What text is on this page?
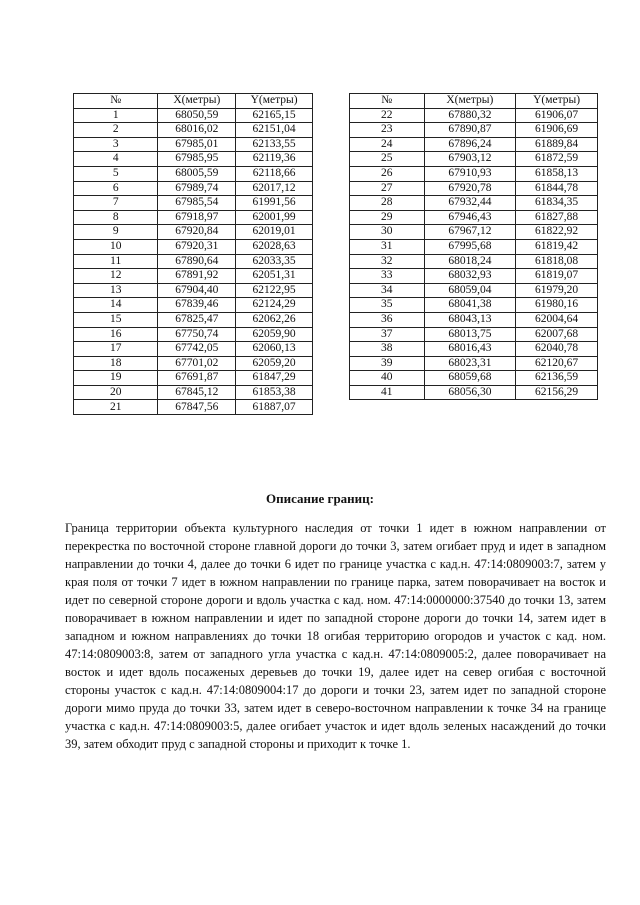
№	X(метры)	Y(метры)
1	68050,59	62165,15
2	68016,02	62151,04
3	67985,01	62133,55
4	67985,95	62119,36
5	68005,59	62118,66
6	67989,74	62017,12
7	67985,54	61991,56
8	67918,97	62001,99
9	67920,84	62019,01
10	67920,31	62028,63
11	67890,64	62033,35
12	67891,92	62051,31
13	67904,40	62122,95
14	67839,46	62124,29
15	67825,47	62062,26
16	67750,74	62059,90
17	67742,05	62060,13
18	67701,02	62059,20
19	67691,87	61847,29
20	67845,12	61853,38
21	67847,56	61887,07
№	X(метры)	Y(метры)
22	67880,32	61906,07
23	67890,87	61906,69
24	67896,24	61889,84
25	67903,12	61872,59
26	67910,93	61858,13
27	67920,78	61844,78
28	67932,44	61834,35
29	67946,43	61827,88
30	67967,12	61822,92
31	67995,68	61819,42
32	68018,24	61818,08
33	68032,93	61819,07
34	68059,04	61979,20
35	68041,38	61980,16
36	68043,13	62004,64
37	68013,75	62007,68
38	68016,43	62040,78
39	68023,31	62120,67
40	68059,68	62136,59
41	68056,30	62156,29
Описание границ:

Граница территории объекта культурного наследия от точки 1 идет в южном направлении от перекрестка по восточной стороне главной дороги до точки 3, затем огибает пруд и идет в западном направлении до точки 4, далее до точки 6 идет по границе участка с кад.н. 47:14:0809003:7, затем у края поля от точки 7 идет в южном направлении по границе парка, затем поворачивает на восток и идет по северной стороне дороги и вдоль участка с кад. ном. 47:14:0000000:37540 до точки 13, затем поворачивает в южном направлении и идет по западной стороне дороги до точки 14, затем идет в западном и южном направлениях до точки 18 огибая территорию огородов и участок с кад. ном. 47:14:0809003:8, затем от западного угла участка с кад.н. 47:14:0809005:2, далее поворачивает на восток и идет вдоль посаженых деревьев до точки 19, далее идет на север огибая с восточной стороны участок с кад.н. 47:14:0809004:17 до дороги и точки 23, затем идет по западной стороне дороги мимо пруда до точки 33, затем идет в северо-восточном направлении к точке 34 на границе участка с кад.н. 47:14:0809003:5, далее огибает участок и идет вдоль зеленых насаждений до точки 39, затем обходит пруд с западной стороны и приходит к точке 1.
